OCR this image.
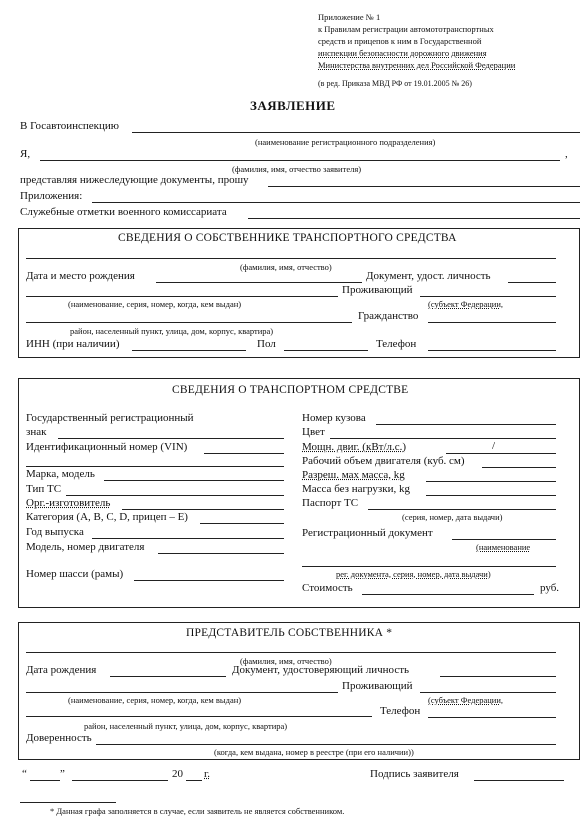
Приложение № 1
к Правилам регистрации автомототранспортных
средств и прицепов к ним в Государственной
инспекции безопасности дорожного движения
Министерства внутренних дел Российской Федерации
(в ред. Приказа МВД РФ от 19.01.2005 № 26)
ЗАЯВЛЕНИЕ
В Госавтоинспекцию
(наименование регистрационного подразделения)
Я,	,
(фамилия, имя, отчество заявителя)
представляя нижеследующие документы, прошу
Приложения:
Служебные отметки военного комиссариата
СВЕДЕНИЯ О СОБСТВЕННИКЕ ТРАНСПОРТНОГО СРЕДСТВА
(фамилия, имя, отчество)
Дата и место рождения	Документ, удост. личность
Проживающий
(наименование, серия, номер, когда, кем выдан)	(субъект Федерации,
Гражданство
район, населенный пункт, улица, дом, корпус, квартира)
ИНН (при наличии)	Пол	Телефон
СВЕДЕНИЯ О ТРАНСПОРТНОМ СРЕДСТВЕ
Государственный регистрационный
знак
Идентификационный номер (VIN)
Марка, модель
Тип ТС
Орг.-изготовитель
Категория (A, B, C, D, прицеп – E)
Год выпуска
Модель, номер двигателя
Номер шасси (рамы)
Номер кузова
Цвет
Мощн. двиг. (кВт/л.с.)	/
Рабочий объем двигателя (куб. см)
Разреш. мах масса, kg
Масса без нагрузки, kg
Паспорт ТС
(серия, номер, дата выдачи)
Регистрационный документ
(наименование
рег. документа, серия, номер, дата выдачи)
Стоимость	руб.
ПРЕДСТАВИТЕЛЬ СОБСТВЕННИКА *
(фамилия, имя, отчество)
Дата рождения	Документ, удостоверяющий личность
Проживающий
(наименование, серия, номер, когда, кем выдан)	(субъект Федерации,
Телефон
район, населенный пункт, улица, дом, корпус, квартира)
Доверенность
(когда, кем выдана, номер в реестре (при его наличии))
“	”	20 г.	Подпись заявителя
* Данная графа заполняется в случае, если заявитель не является собственником.
